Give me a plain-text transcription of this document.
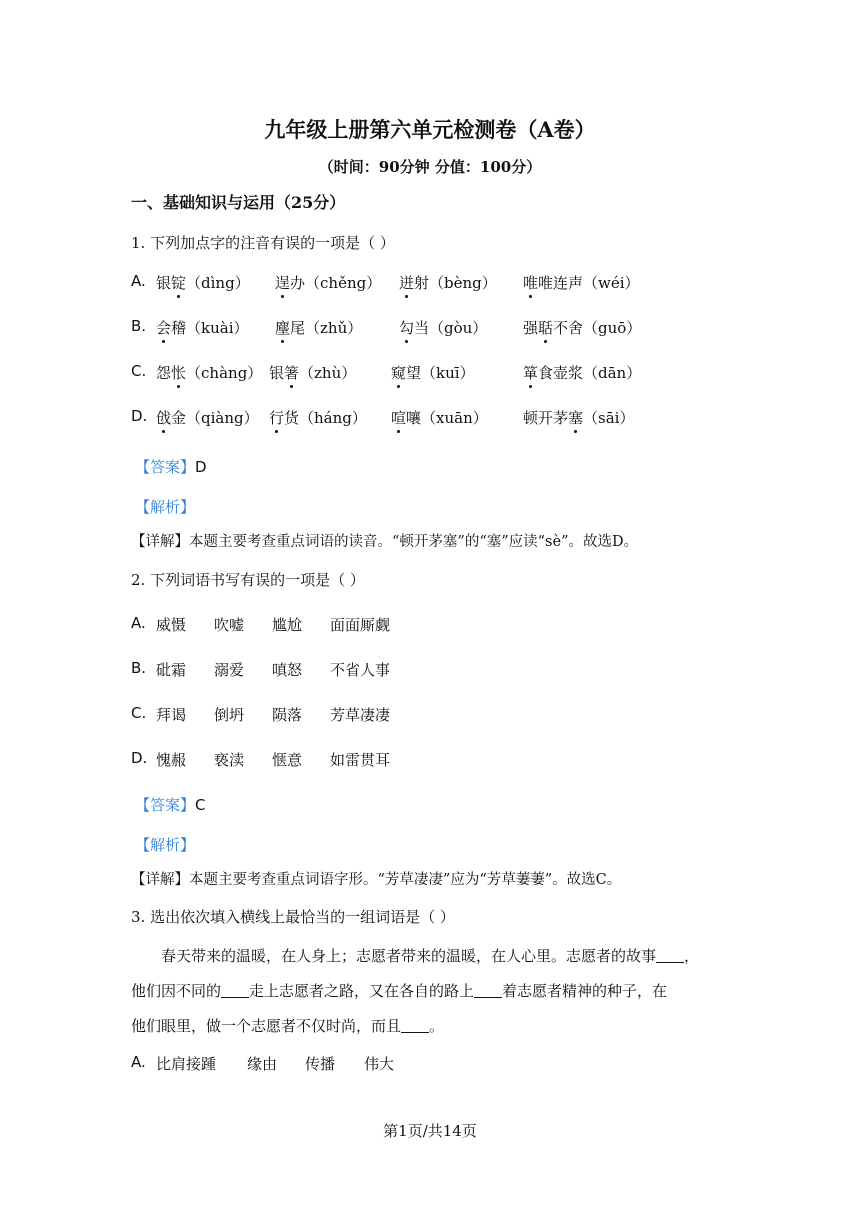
九年级上册第六单元检测卷（A卷）
（时间：90分钟 分值：100分）
一、基础知识与运用（25分）
1. 下列加点字的注音有误的一项是（ ）
A. 银锭（dìng） 逞办（chěng） 迸射（bèng） 唯唯连声（wéi）
B. 会稽（kuài） 麈尾（zhǔ） 勾当（gòu） 强聒不舍（guō）
C. 怨怅（chàng） 银箸（zhù） 窥望（kuī）	箪食壶浆（dān）
D. 戗金（qiàng） 行货（háng） 喧嚷（xuān） 顿开茅塞（sāi）
【答案】D
【解析】
【详解】本题主要考查重点词语的读音。“顿开茅塞”的“塞”应读“sè”。故选D。
2. 下列词语书写有误的一项是（ ）
A. 威慑 吹嘘 尴尬 面面厮觑
B. 砒霜 溺爱 嗔怒 不省人事
C. 拜谒 倒坍 陨落 芳草凄凄
D. 愧赧 亵渎 惬意 如雷贯耳
【答案】C
【解析】
【详解】本题主要考查重点词语字形。“芳草凄凄”应为“芳草萋萋”。故选C。
3. 选出依次填入横线上最恰当的一组词语是（ ）
春天带来的温暖，在人身上；志愿者带来的温暖，在人心里。志愿者的故事 ，
他们因不同的 走上志愿者之路，又在各自的路上 着志愿者精神的种子，在
他们眼里，做一个志愿者不仅时尚，而且 。
A. 比肩接踵 缘由 传播 伟大
第1页/共14页
